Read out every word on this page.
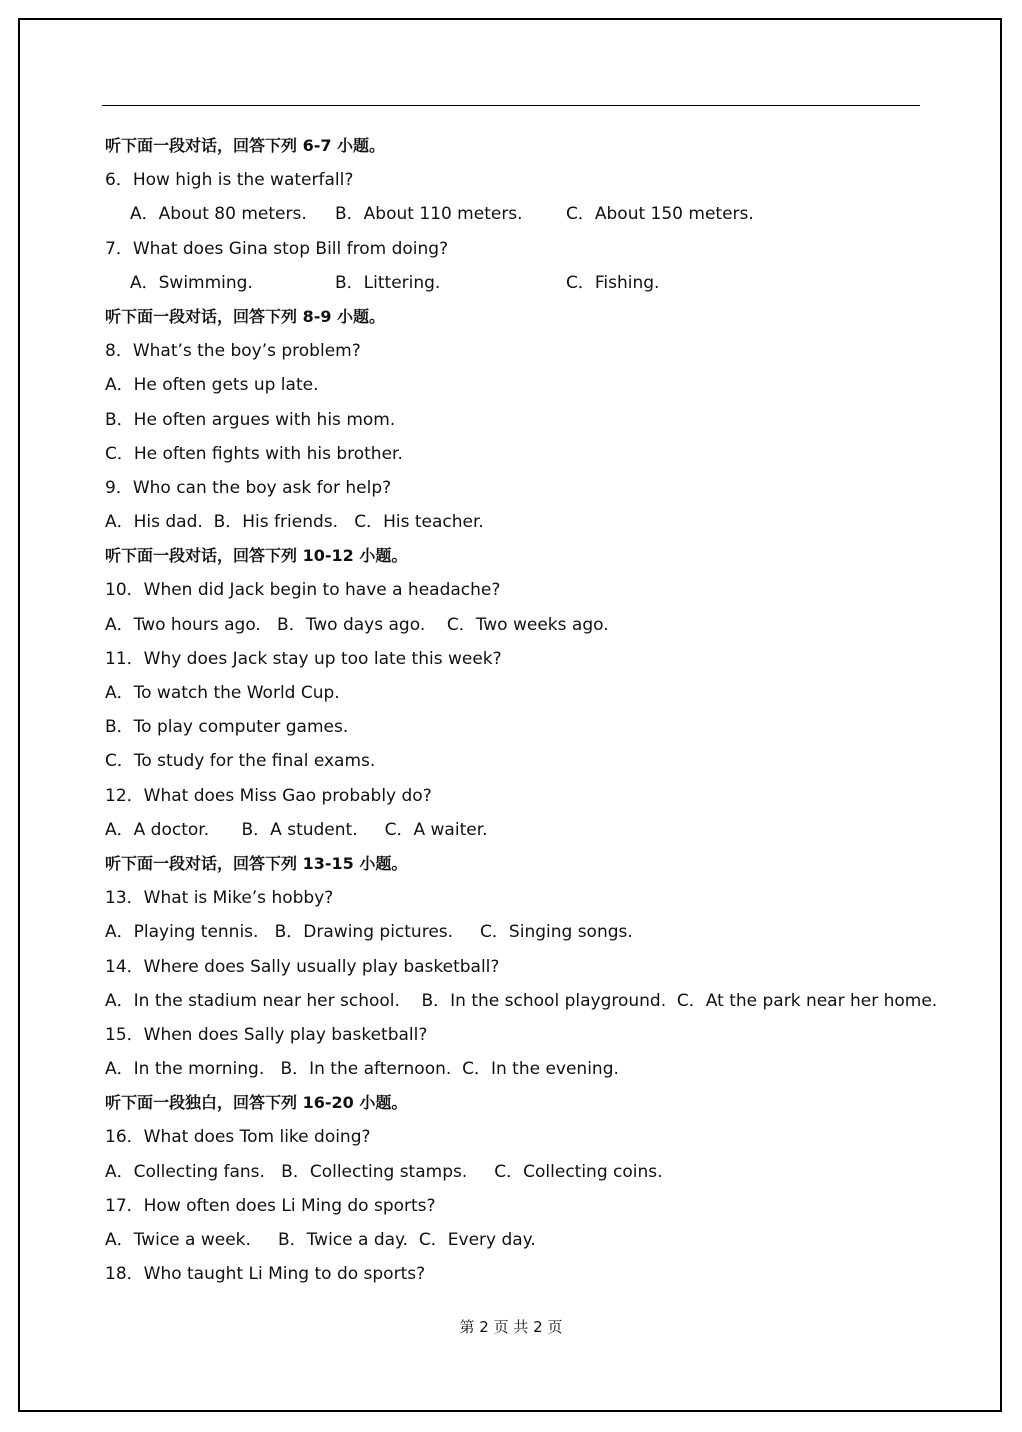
听下面一段对话，回答下列 6-7 小题。
6．How high is the waterfall?
A．About 80 meters. B．About 110 meters.	C．About 150 meters.
7．What does Gina stop Bill from doing?
A．Swimming.	B．Littering.	C．Fishing.
听下面一段对话，回答下列 8-9 小题。
8．What’s the boy’s problem?
A．He often gets up late.
B．He often argues with his mom.
C．He often fights with his brother.
9．Who can the boy ask for help?
A．His dad.  B．His friends.   C．His teacher.
听下面一段对话，回答下列 10-12 小题。
10．When did Jack begin to have a headache?
A．Two hours ago.   B．Two days ago.    C．Two weeks ago.
11．Why does Jack stay up too late this week?
A．To watch the World Cup.
B．To play computer games.
C．To study for the final exams.
12．What does Miss Gao probably do?
A．A doctor.      B．A student.     C．A waiter.
听下面一段对话，回答下列 13-15 小题。
13．What is Mike’s hobby?
A．Playing tennis.   B．Drawing pictures.     C．Singing songs.
14．Where does Sally usually play basketball?
A．In the stadium near her school.    B．In the school playground.  C．At the park near her home.
15．When does Sally play basketball?
A．In the morning.   B．In the afternoon.  C．In the evening.
听下面一段独白，回答下列 16-20 小题。
16．What does Tom like doing?
A．Collecting fans.   B．Collecting stamps.     C．Collecting coins.
17．How often does Li Ming do sports?
A．Twice a week.     B．Twice a day.  C．Every day.
18．Who taught Li Ming to do sports?
第 2 页 共 2 页
